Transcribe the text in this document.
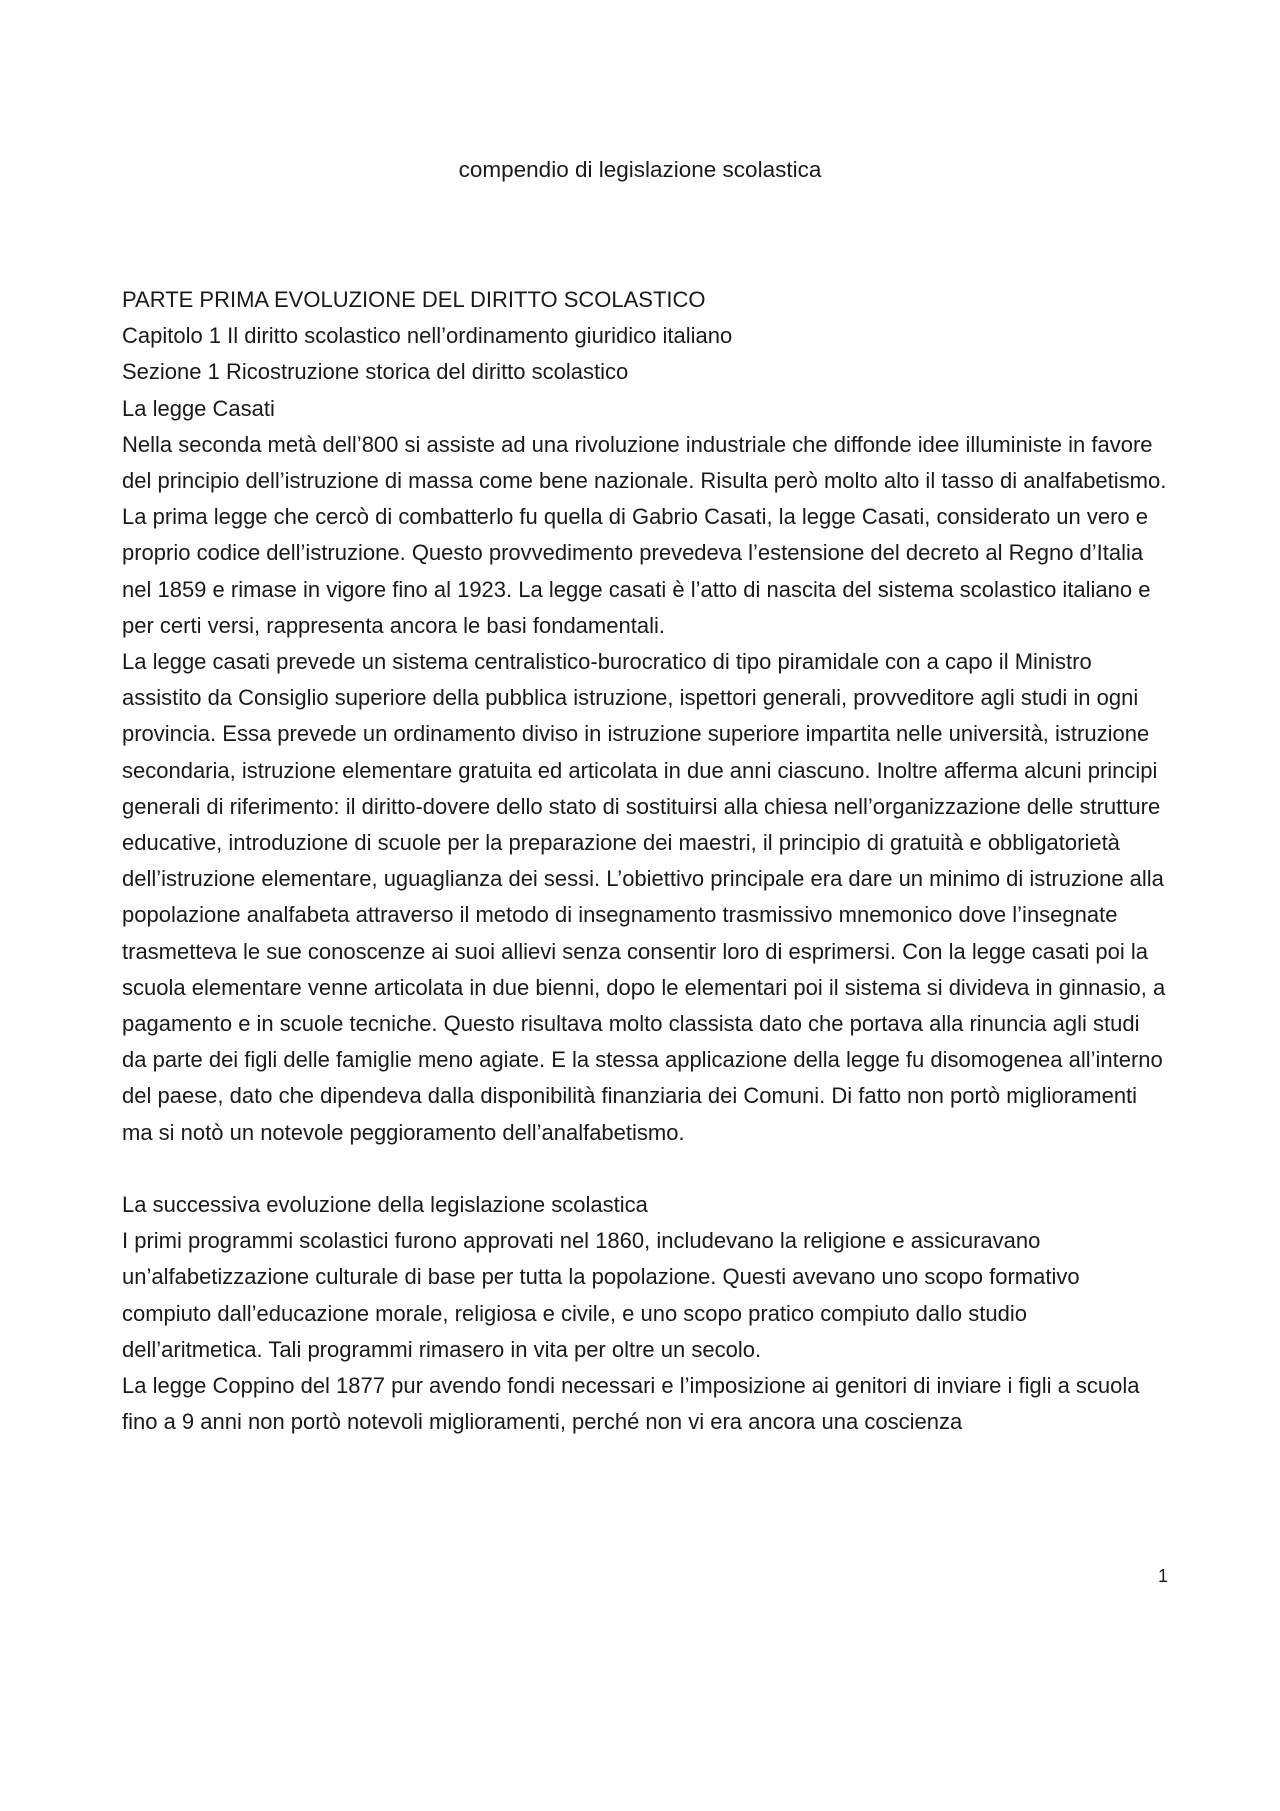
compendio di legislazione scolastica

PARTE PRIMA EVOLUZIONE DEL DIRITTO SCOLASTICO

Capitolo 1 Il diritto scolastico nell’ordinamento giuridico italiano

Sezione 1 Ricostruzione storica del diritto scolastico

La legge Casati

Nella seconda metà dell’800 si assiste ad una rivoluzione industriale che diffonde idee illuministe in favore del principio dell’istruzione di massa come bene nazionale. Risulta però molto alto il tasso di analfabetismo. La prima legge che cercò di combatterlo fu quella di Gabrio Casati, la legge Casati, considerato un vero e proprio codice dell’istruzione. Questo provvedimento prevedeva l’estensione del decreto al Regno d’Italia nel 1859 e rimase in vigore fino al 1923. La legge casati è l’atto di nascita del sistema scolastico italiano e per certi versi, rappresenta ancora le basi fondamentali.

La legge casati prevede un sistema centralistico-burocratico di tipo piramidale con a capo il Ministro assistito da Consiglio superiore della pubblica istruzione, ispettori generali, provveditore agli studi in ogni provincia. Essa prevede un ordinamento diviso in istruzione superiore impartita nelle università, istruzione secondaria, istruzione elementare gratuita ed articolata in due anni ciascuno. Inoltre afferma alcuni principi generali di riferimento: il diritto-dovere dello stato di sostituirsi alla chiesa nell’organizzazione delle strutture educative, introduzione di scuole per la preparazione dei maestri, il principio di gratuità e obbligatorietà dell’istruzione elementare, uguaglianza dei sessi. L’obiettivo principale era dare un minimo di istruzione alla popolazione analfabeta attraverso il metodo di insegnamento trasmissivo mnemonico dove l’insegnate trasmetteva le sue conoscenze ai suoi allievi senza consentir loro di esprimersi. Con la legge casati poi la scuola elementare venne articolata in due bienni, dopo le elementari poi il sistema si divideva in ginnasio, a pagamento e in scuole tecniche. Questo risultava molto classista dato che portava alla rinuncia agli studi da parte dei figli delle famiglie meno agiate. E la stessa applicazione della legge fu disomogenea all’interno del paese, dato che dipendeva dalla disponibilità finanziaria dei Comuni. Di fatto non portò miglioramenti ma si notò un notevole peggioramento dell’analfabetismo.

La successiva evoluzione della legislazione scolastica

I primi programmi scolastici furono approvati nel 1860, includevano la religione e assicuravano un’alfabetizzazione culturale di base per tutta la popolazione. Questi avevano uno scopo formativo compiuto dall’educazione morale, religiosa e civile, e uno scopo pratico compiuto dallo studio dell’aritmetica. Tali programmi rimasero in vita per oltre un secolo.

La legge Coppino del 1877 pur avendo fondi necessari e l’imposizione ai genitori di inviare i figli a scuola fino a 9 anni non portò notevoli miglioramenti, perché non vi era ancora una coscienza

1
